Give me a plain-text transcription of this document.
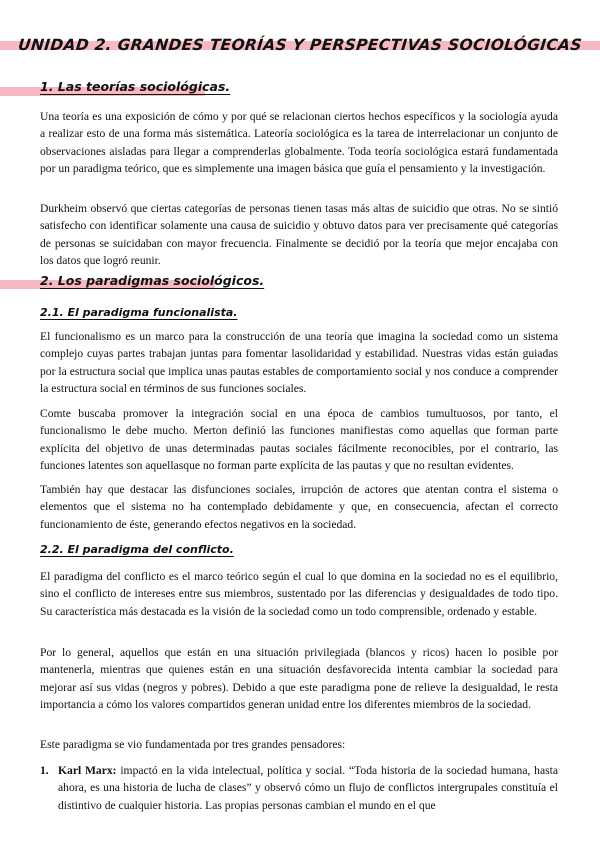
UNIDAD 2. GRANDES TEORÍAS Y PERSPECTIVAS SOCIOLÓGICAS
1. Las teorías sociológicas.

Una teoría es una exposición de cómo y por qué se relacionan ciertos hechos específicos y la sociología ayuda a realizar esto de una forma más sistemática. Lateoría sociológica es la tarea de interrelacionar un conjunto de observaciones aisladas para llegar a comprenderlas globalmente. Toda teoría sociológica estará fundamentada por un paradigma teórico, que es simplemente una imagen básica que guía el pensamiento y la investigación.

Durkheim observó que ciertas categorías de personas tienen tasas más altas de suicidio que otras. No se sintió satisfecho con identificar solamente una causa de suicidio y obtuvo datos para ver precisamente qué categorías de personas se suicidaban con mayor frecuencia. Finalmente se decidió por la teoría que mejor encajaba con los datos que logró reunir.

2. Los paradigmas sociológicos.
2.1. El paradigma funcionalista.

El funcionalismo es un marco para la construcción de una teoría que imagina la sociedad como un sistema complejo cuyas partes trabajan juntas para fomentar lasolidaridad y estabilidad. Nuestras vidas están guiadas por la estructura social que implica unas pautas estables de comportamiento social y nos conduce a comprender la estructura social en términos de sus funciones sociales.

Comte buscaba promover la integración social en una época de cambios tumultuosos, por tanto, el funcionalismo le debe mucho. Merton definió las funciones manifiestas como aquellas que forman parte explícita del objetivo de unas determinadas pautas sociales fácilmente reconocibles, por el contrario, las funciones latentes son aquellasque no forman parte explícita de las pautas y que no resultan evidentes.

También hay que destacar las disfunciones sociales, irrupción de actores que atentan contra el sistema o elementos que el sistema no ha contemplado debidamente y que, en consecuencia, afectan el correcto funcionamiento de éste, generando efectos negativos en la sociedad.

2.2. El paradigma del conflicto.

El paradigma del conflicto es el marco teórico según el cual lo que domina en la sociedad no es el equilibrio, sino el conflicto de intereses entre sus miembros, sustentado por las diferencias y desigualdades de todo tipo. Su característica más destacada es la visión de la sociedad como un todo comprensible, ordenado y estable.

Por lo general, aquellos que están en una situación privilegiada (blancos y ricos) hacen lo posible por mantenerla, mientras que quienes están en una situación desfavorecida intenta cambiar la sociedad para mejorar así sus vidas (negros y pobres). Debido a que este paradigma pone de relieve la desigualdad, le resta importancia a cómo los valores compartidos generan unidad entre los diferentes miembros de la sociedad.

Este paradigma se vio fundamentada por tres grandes pensadores:

1. Karl Marx: impactó en la vida intelectual, política y social. “Toda historia de la sociedad humana, hasta ahora, es una historia de lucha de clases” y observó cómo un flujo de conflictos intergrupales constituía el distintivo de cualquier historia. Las propias personas cambian el mundo en el que
